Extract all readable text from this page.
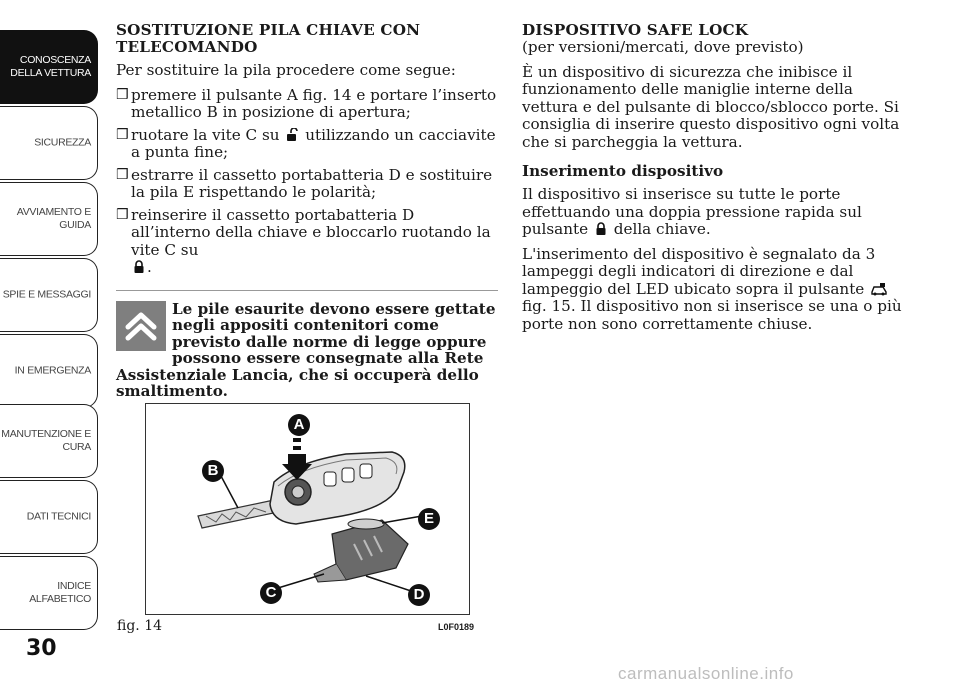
CONOSCENZA
DELLA VETTURA
SICUREZZA
AVVIAMENTO E
GUIDA
SPIE E MESSAGGI
IN EMERGENZA
MANUTENZIONE E
CURA
DATI TECNICI
INDICE
ALFABETICO
30
SOSTITUZIONE PILA CHIAVE CON TELECOMANDO

Per sostituire la pila procedere come segue:

❒ premere il pulsante A fig. 14 e portare l’inserto metallico B in posizione di apertura;
❒ ruotare la vite C su utilizzando un cacciavite a punta fine;
❒ estrarre il cassetto portabatteria D e sostituire la pila E rispettando le polarità;
❒ reinserire il cassetto portabatteria D all’interno della chiave e bloccarlo ruotando la vite C su
.
Le pile esaurite devono essere gettate negli appositi contenitori come previsto dalle norme di legge oppure possono essere consegnate alla Rete Assistenziale Lancia, che si occuperà dello smaltimento.
A
B
E
C	D
fig. 14	L0F0189
DISPOSITIVO SAFE LOCK

(per versioni/mercati, dove previsto)

È un dispositivo di sicurezza che inibisce il funzionamento delle maniglie interne della vettura e del pulsante di blocco/sblocco porte. Si consiglia di inserire questo dispositivo ogni volta che si parcheggia la vettura.

Inserimento dispositivo

Il dispositivo si inserisce su tutte le porte effettuando una doppia pressione rapida sul pulsante della chiave.

L'inserimento del dispositivo è segnalato da 3 lampeggi degli indicatori di direzione e dal lampeggio del LED ubicato sopra il pulsante  fig. 15. Il dispositivo non si inserisce se una o più porte non sono correttamente chiuse.

carmanualsonline.info
